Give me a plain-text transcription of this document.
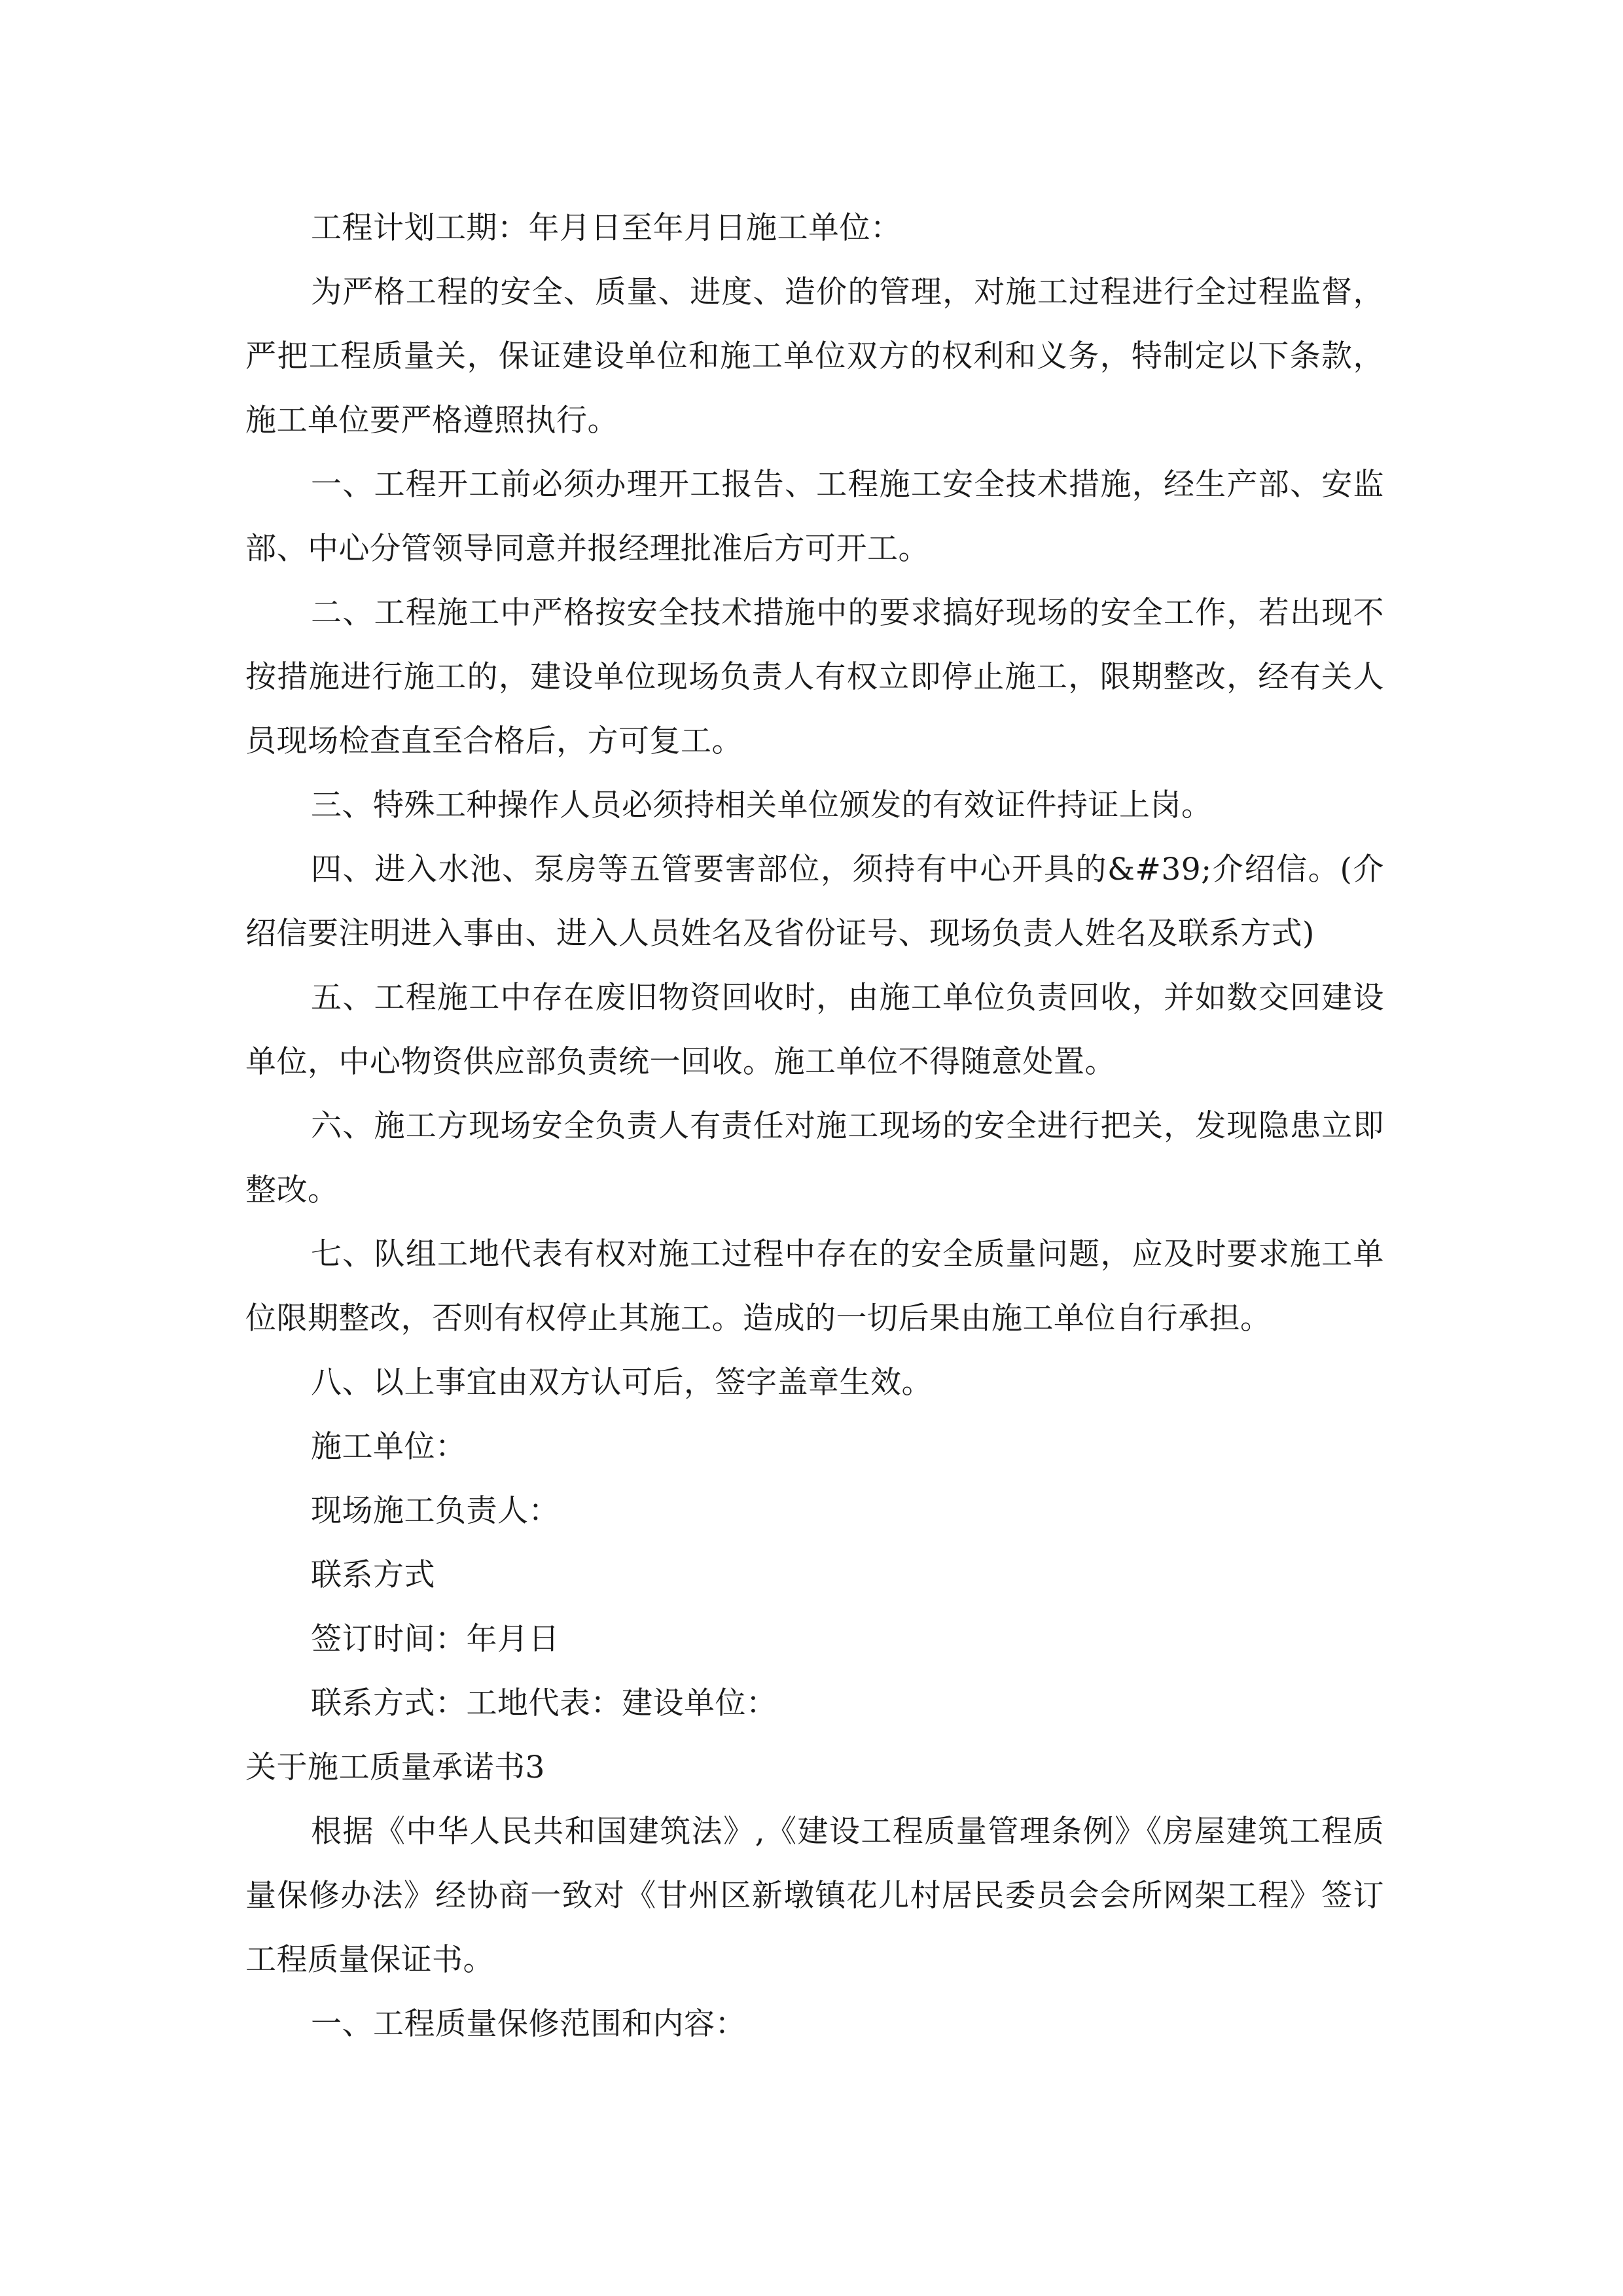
工程计划工期：年月日至年月日施工单位：

为严格工程的安全、质量、进度、造价的管理，对施工过程进行全过程监督，严把工程质量关，保证建设单位和施工单位双方的权利和义务，特制定以下条款，施工单位要严格遵照执行。

一、工程开工前必须办理开工报告、工程施工安全技术措施，经生产部、安监部、中心分管领导同意并报经理批准后方可开工。

二、工程施工中严格按安全技术措施中的要求搞好现场的安全工作，若出现不按措施进行施工的，建设单位现场负责人有权立即停止施工，限期整改，经有关人员现场检查直至合格后，方可复工。

三、特殊工种操作人员必须持相关单位颁发的有效证件持证上岗。

四、进入水池、泵房等五管要害部位，须持有中心开具的&#39;介绍信。(介绍信要注明进入事由、进入人员姓名及省份证号、现场负责人姓名及联系方式)

五、工程施工中存在废旧物资回收时，由施工单位负责回收，并如数交回建设单位，中心物资供应部负责统一回收。施工单位不得随意处置。

六、施工方现场安全负责人有责任对施工现场的安全进行把关，发现隐患立即整改。

七、队组工地代表有权对施工过程中存在的安全质量问题，应及时要求施工单位限期整改，否则有权停止其施工。造成的一切后果由施工单位自行承担。

八、以上事宜由双方认可后，签字盖章生效。

施工单位：

现场施工负责人：

联系方式

签订时间：年月日

联系方式：工地代表：建设单位：

关于施工质量承诺书3

根据《中华人民共和国建筑法》,《建设工程质量管理条例》《房屋建筑工程质量保修办法》经协商一致对《甘州区新墩镇花儿村居民委员会会所网架工程》签订工程质量保证书。

一、工程质量保修范围和内容：
